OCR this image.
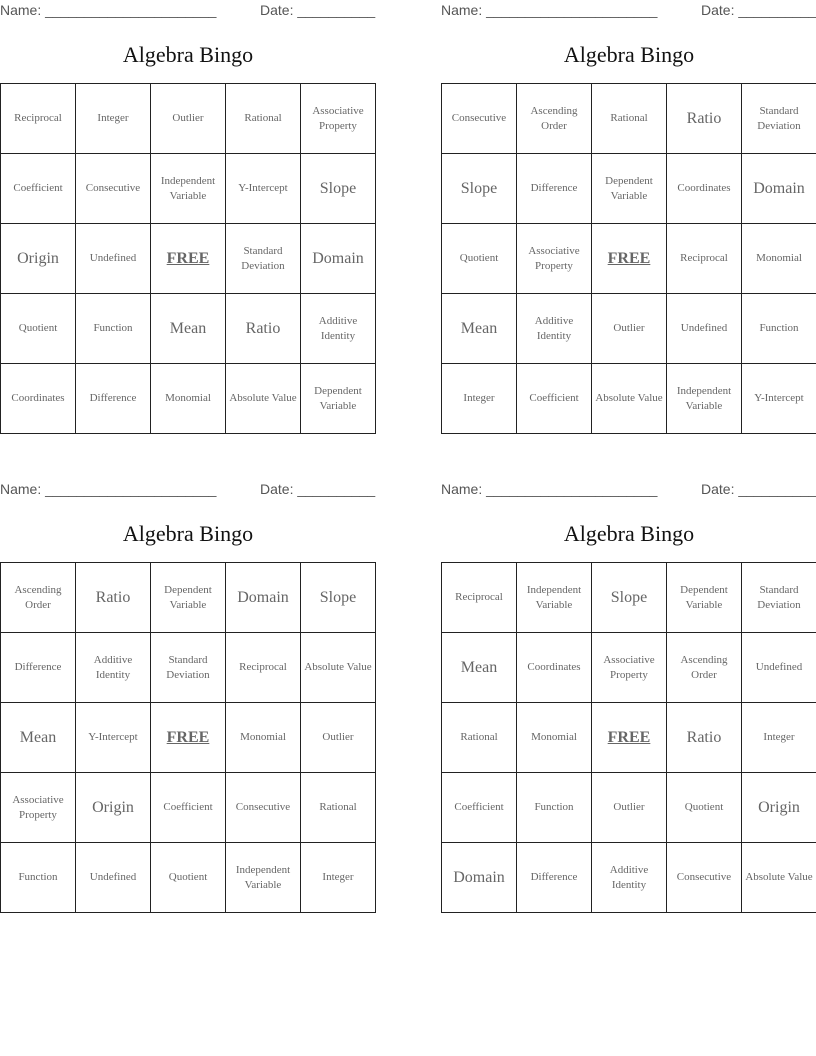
Name: ______________________	Date: __________
Algebra Bingo
Reciprocal	Integer	Outlier	Rational	Associative Property
Coefficient	Consecutive	Independent Variable	Y-Intercept	Slope
Origin	Undefined	FREE	Standard Deviation	Domain
Quotient	Function	Mean	Ratio	Additive Identity
Coordinates	Difference	Monomial	Absolute Value	Dependent Variable
Name: ______________________	Date: __________
Algebra Bingo
Consecutive	Ascending Order	Rational	Ratio	Standard Deviation
Slope	Difference	Dependent Variable	Coordinates	Domain
Quotient	Associative Property	FREE	Reciprocal	Monomial
Mean	Additive Identity	Outlier	Undefined	Function
Integer	Coefficient	Absolute Value	Independent Variable	Y-Intercept
Name: ______________________	Date: __________
Algebra Bingo
Ascending Order	Ratio	Dependent Variable	Domain	Slope
Difference	Additive Identity	Standard Deviation	Reciprocal	Absolute Value
Mean	Y-Intercept	FREE	Monomial	Outlier
Associative Property	Origin	Coefficient	Consecutive	Rational
Function	Undefined	Quotient	Independent Variable	Integer
Name: ______________________	Date: __________
Algebra Bingo
Reciprocal	Independent Variable	Slope	Dependent Variable	Standard Deviation
Mean	Coordinates	Associative Property	Ascending Order	Undefined
Rational	Monomial	FREE	Ratio	Integer
Coefficient	Function	Outlier	Quotient	Origin
Domain	Difference	Additive Identity	Consecutive	Absolute Value
